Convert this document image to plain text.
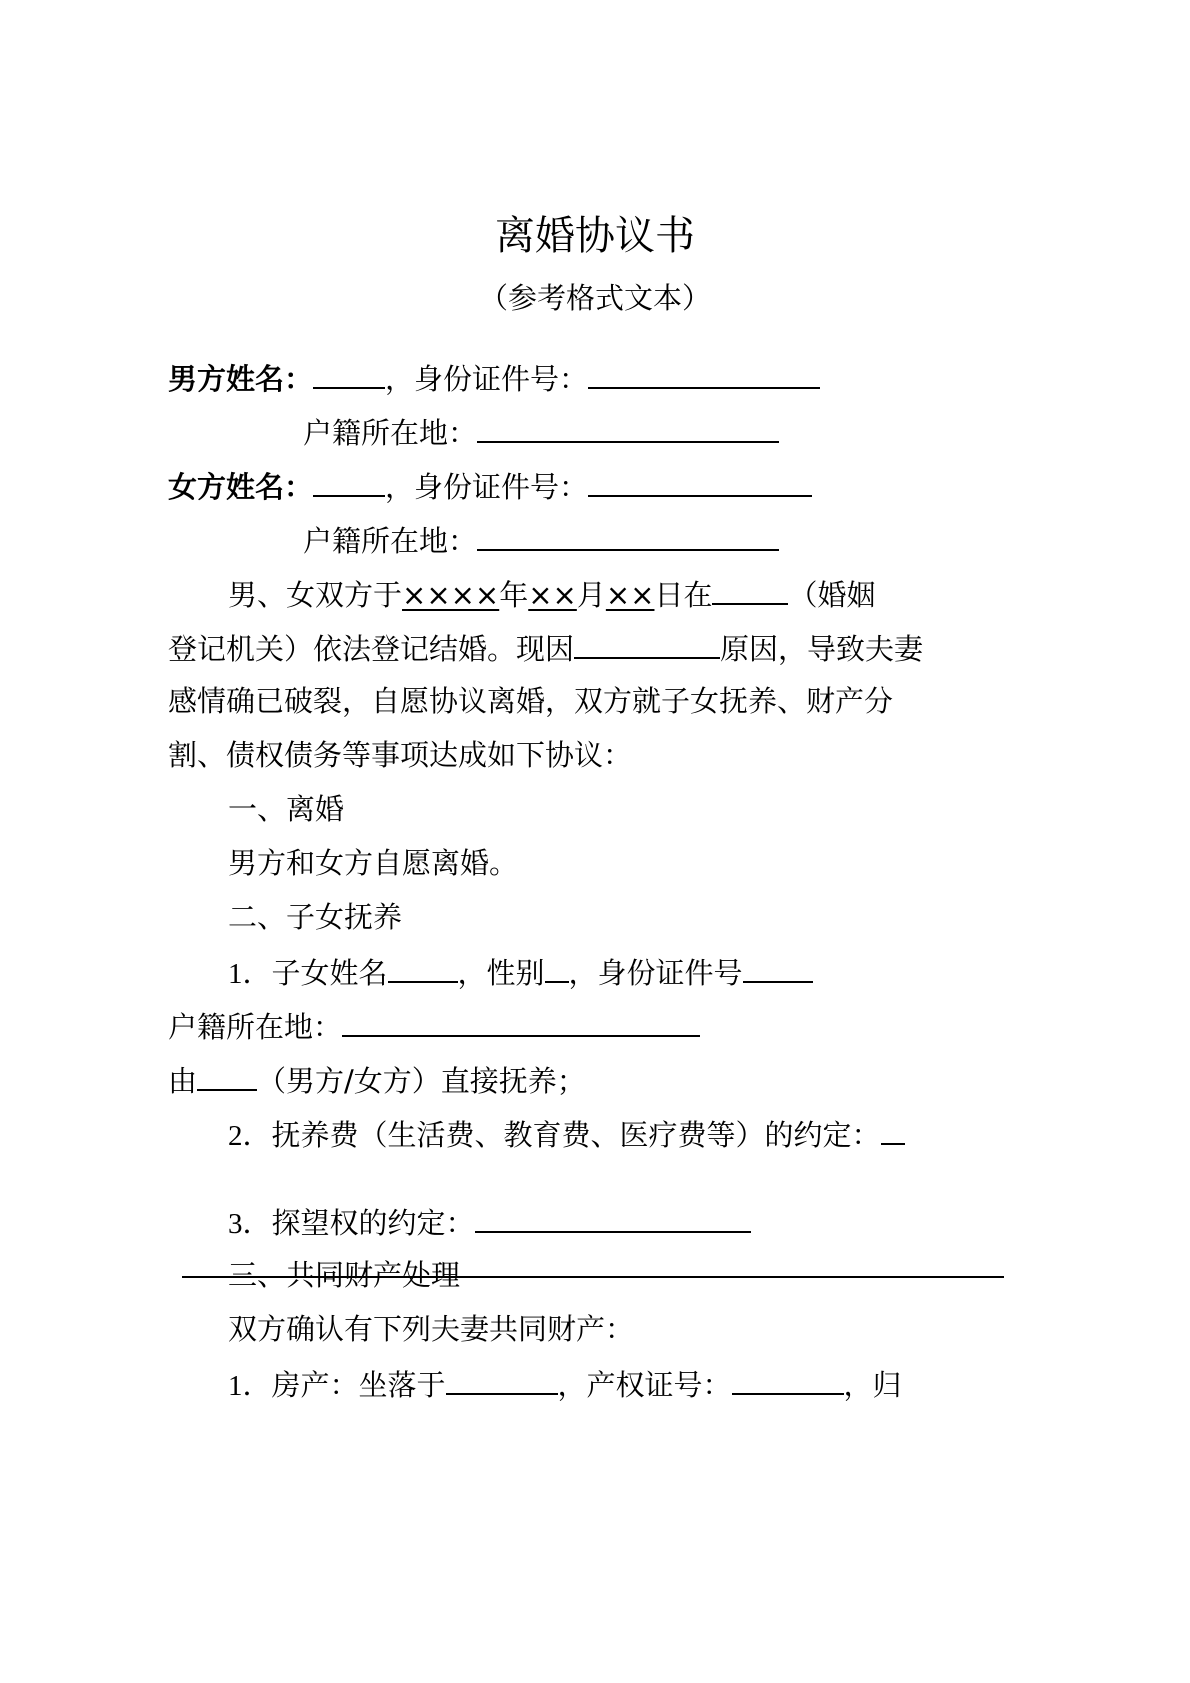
离婚协议书
（参考格式文本）
男方姓名： ，身份证件号：
户籍所在地：
女方姓名： ，身份证件号：
户籍所在地：
男、女双方于××××年××月××日在	（婚姻
登记机关）依法登记结婚。现因	原因，导致夫妻
感情确已破裂，自愿协议离婚，双方就子女抚养、财产分
割、债权债务等事项达成如下协议：
一、离婚
男方和女方自愿离婚。
二、子女抚养
1．子女姓名 ，性别 ，身份证件号
户籍所在地：
由 （男方/女方）直接抚养；
2．抚养费（生活费、教育费、医疗费等）的约定：
3．探望权的约定：
三、共同财产处理
双方确认有下列夫妻共同财产：
1．房产：坐落于	，产权证号：	，归
